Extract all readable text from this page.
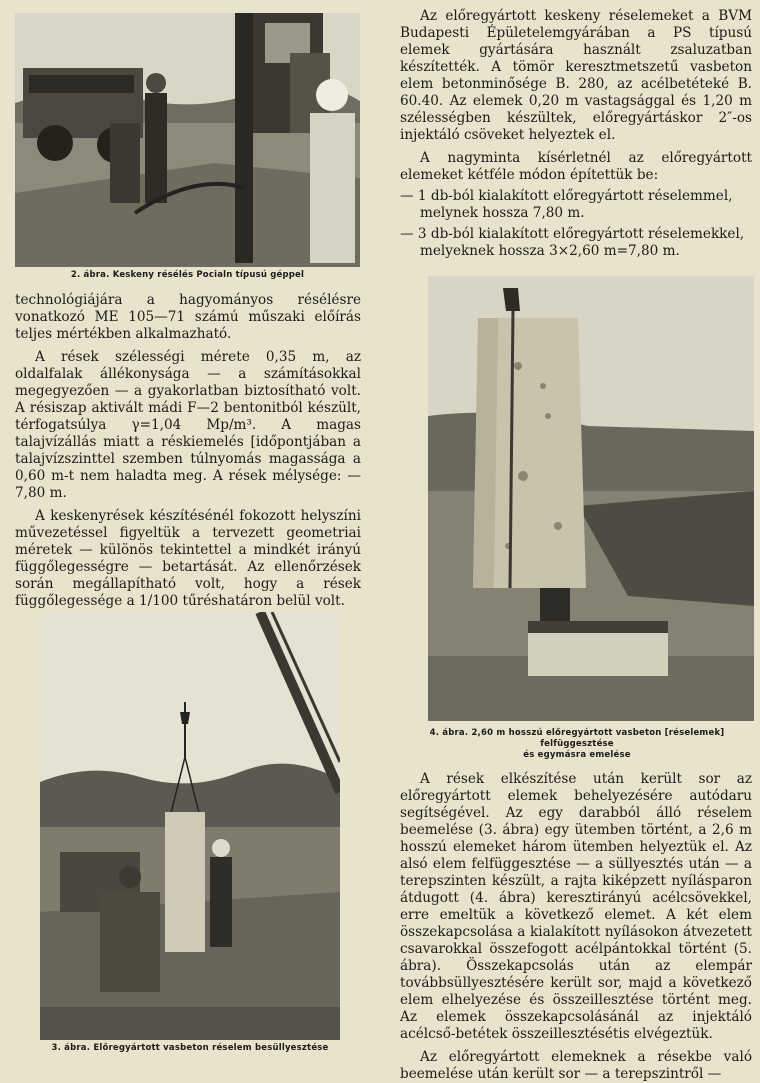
2. ábra. Keskeny résélés Pocialn típusú géppel

technológiájára a hagyományos résélésre vonatkozó ME 105—71 számú műszaki előírás teljes mértékben alkalmazható.

A rések szélességi mérete 0,35 m, az oldalfalak állékonysága — a számításokkal megegyezően — a gyakorlatban biztosítható volt. A résiszap aktivált mádi F—2 bentonitból készült, térfogatsúlya γ=1,04 Mp/m³. A magas talajvízállás miatt a réskiemelés [időpontjában a talajvízszinttel szemben túlnyomás magassága a 0,60 m-t nem haladta meg. A rések mélysége: —7,80 m.

A keskenyrések készítésénél fokozott helyszíni művezetéssel figyeltük a tervezett geometriai méretek — különös tekintettel a mindkét irányú függőlegességre — betartását. Az ellenőrzések során megállapítható volt, hogy a rések függőlegessége a 1/100 tűréshatáron belül volt.

3. ábra. Előregyártott vasbeton réselem besüllyesztése

Az előregyártott keskeny réselemeket a BVM Budapesti Épületelemgyárában a PS típusú elemek gyártására használt zsaluzatban készítették. A tömör keresztmetszetű vasbeton elem betonminősége B. 280, az acélbetéteké B. 60.40. Az elemek 0,20 m vastagsággal és 1,20 m szélességben készültek, előregyártáskor 2″-os injektáló csöveket helyeztek el.

A nagyminta kísérletnél az előregyártott elemeket kétféle módon építettük be:

— 1 db-ból kialakított előregyártott réselemmel, melynek hossza 7,80 m.

— 3 db-ból kialakított előregyártott réselemekkel, melyeknek hossza 3×2,60 m=7,80 m.

4. ábra. 2,60 m hosszú előregyártott vasbeton [réselemek] felfüggesztése
és egymásra emelése

A rések elkészítése után került sor az előregyártott elemek behelyezésére autódaru segítségével. Az egy darabból álló réselem beemelése (3. ábra) egy ütemben történt, a 2,6 m hosszú elemeket három ütemben helyeztük el. Az alsó elem felfüggesztése — a süllyesztés után — a terepszinten készült, a rajta kiképzett nyílásparon átdugott (4. ábra) keresztirányú acélcsövekkel, erre emeltük a következő elemet. A két elem összekapcsolása a kialakított nyílásokon átvezetett csavarokkal összefogott acélpántokkal történt (5. ábra). Összekapcsolás után az elempár továbbsüllyesztésére került sor, majd a következő elem elhelyezése és összeillesztése történt meg. Az elemek összekapcsolásánál az injektáló acélcső-betétek összeillesztésétis elvégeztük.

Az előregyártott elemeknek a résekbe való beemelése után került sor — a terepszintről —
